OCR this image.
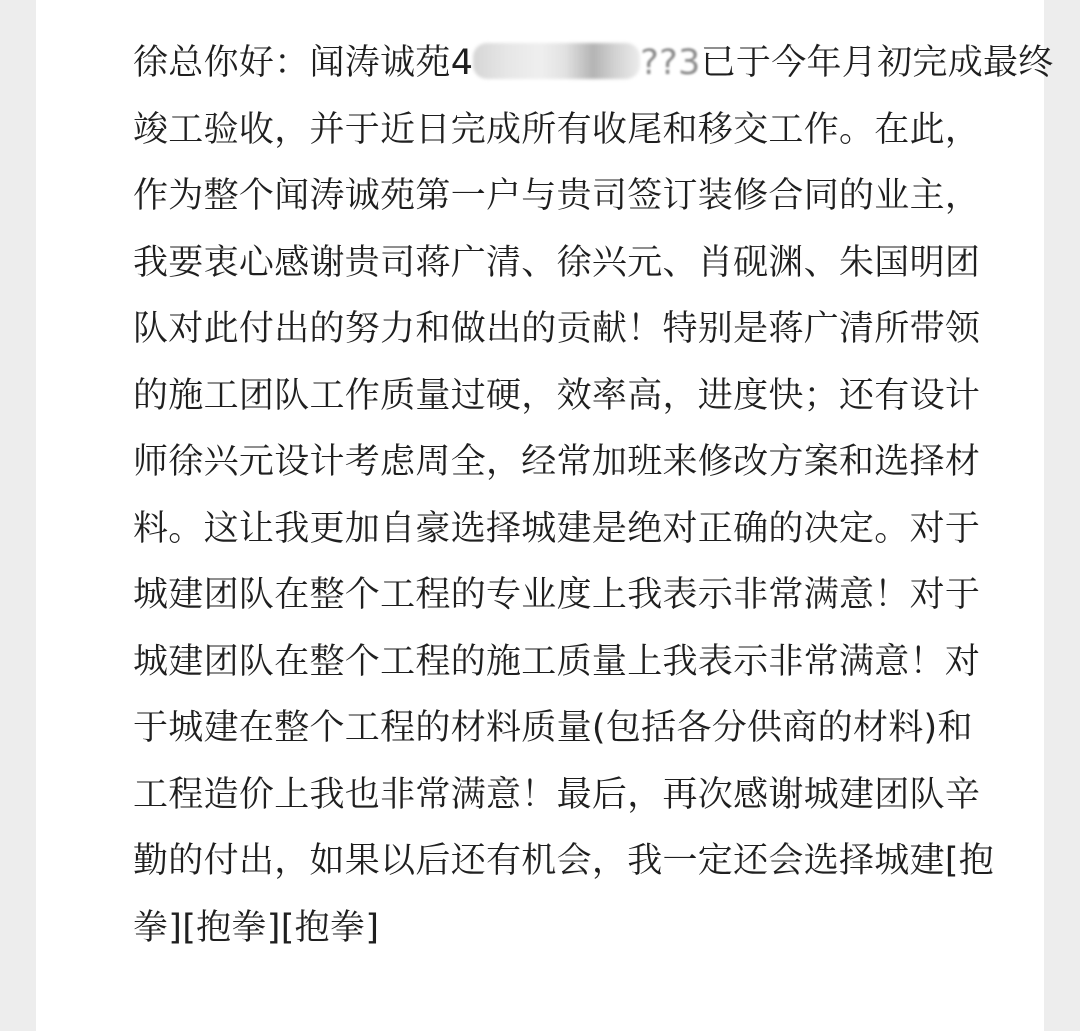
徐总你好：闻涛诚苑4	??3已于今年月初完成最终
竣工验收，并于近日完成所有收尾和移交工作。在此，
作为整个闻涛诚苑第一户与贵司签订装修合同的业主，
我要衷心感谢贵司蒋广清、徐兴元、肖砚渊、朱国明团
队对此付出的努力和做出的贡献！特别是蒋广清所带领
的施工团队工作质量过硬，效率高，进度快；还有设计
师徐兴元设计考虑周全，经常加班来修改方案和选择材
料。这让我更加自豪选择城建是绝对正确的决定。对于
城建团队在整个工程的专业度上我表示非常满意！对于
城建团队在整个工程的施工质量上我表示非常满意！对
于城建在整个工程的材料质量(包括各分供商的材料)和
工程造价上我也非常满意！最后，再次感谢城建团队辛
勤的付出，如果以后还有机会，我一定还会选择城建[抱
拳][抱拳][抱拳]
